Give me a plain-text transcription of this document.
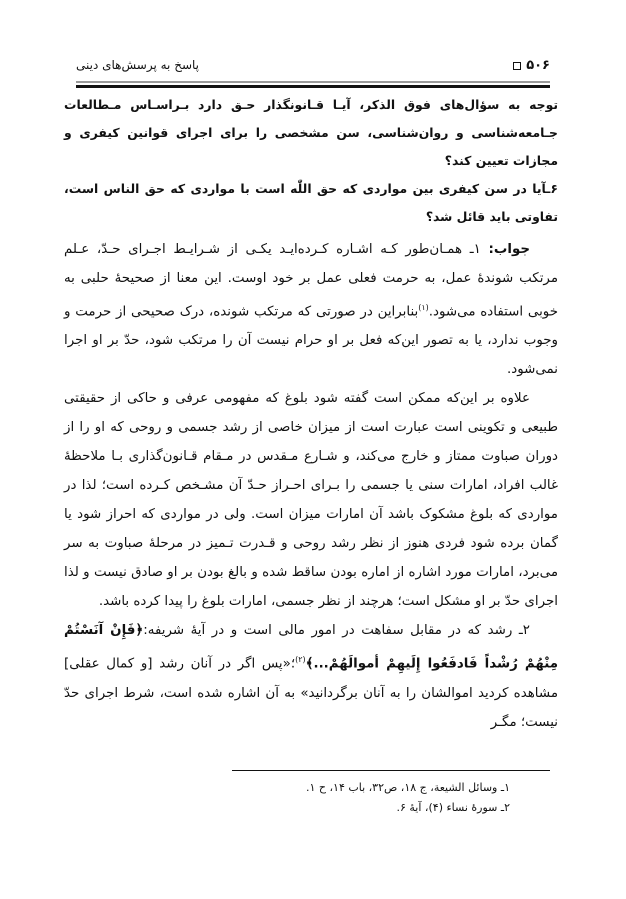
۵۰۶
پاسخ به پرسش‌های دینی

توجه به سؤال‌های فوق الذکر، آیـا قـانونگذار حـق دارد بـراسـاس مـطالعات جـامعه‌شناسی و روان‌شناسی، سن مشخصی را برای اجرای قوانین کیفری و مجازات تعیین کند؟

۶ـآیا در سن کیفری بین مواردی که حق اللّٰه است با مواردی که حق الناس است، تفاوتی باید قائل شد؟

جواب: ۱ـ همـان‌طور کـه اشـاره کـرده‌ایـد یکـی از شـرایـط اجـرای حـدّ، عـلم مرتکب شوندهٔ عمل، به حرمت فعلی عمل بر خود اوست. این معنا از صحیحهٔ حلبی به خوبی استفاده می‌شود.$^{(۱)}$بنابراین در صورتی که مرتکب شونده، درک صحیحی از حرمت و وجوب ندارد، یا به تصور این‌که فعل بر او حرام نیست آن را مرتکب شود، حدّ بر او اجرا نمی‌شود.

علاوه بر این‌که ممکن است گفته شود بلوغ که مفهومی عرفی و حاکی از حقیقتی طبیعی و تکوینی است عبارت است از میزان خاصی از رشد جسمی و روحی که او را از دوران صباوت ممتاز و خارج می‌کند، و شـارع مـقدس در مـقام قـانون‌گذاری بـا ملاحظهٔ غالب افراد، امارات سنی یا جسمی را بـرای احـراز حـدّ آن مشـخص کـرده است؛ لذا در مواردی که بلوغ مشکوک باشد آن امارات میزان است. ولی در مواردی که احراز شود یا گمان برده شود فردی هنوز از نظر رشد روحی و قـدرت تـمیز در مرحلهٔ صباوت به سر می‌برد، امارات مورد اشاره از اماره بودن ساقط شده و بالغ بودن بر او صادق نیست و لذا اجرای حدّ بر او مشکل است؛ هرچند از نظر جسمی، امارات بلوغ را پیدا کرده باشد.

۲ـ رشد که در مقابل سفاهت در امور مالی است و در آیهٔ شریفه:﴿فَإِنْ آنَسْتُمْ مِنْهُمْ رُشْداً فَادفَعُوا إِلَيهِمْ أموالَهُمْ...﴾$^{(۲)}$؛«پس اگر در آنان رشد [و کمال عقلی] مشاهده کردید اموالشان را به آنان برگردانید» به آن اشاره شده است، شرط اجرای حدّ نیست؛ مگـر

۱ـ وسائل الشیعة، ج ۱۸، ص۳۲، باب ۱۴، ح ۱.
۲ـ سورهٔ نساء (۴)، آیهٔ ۶.
